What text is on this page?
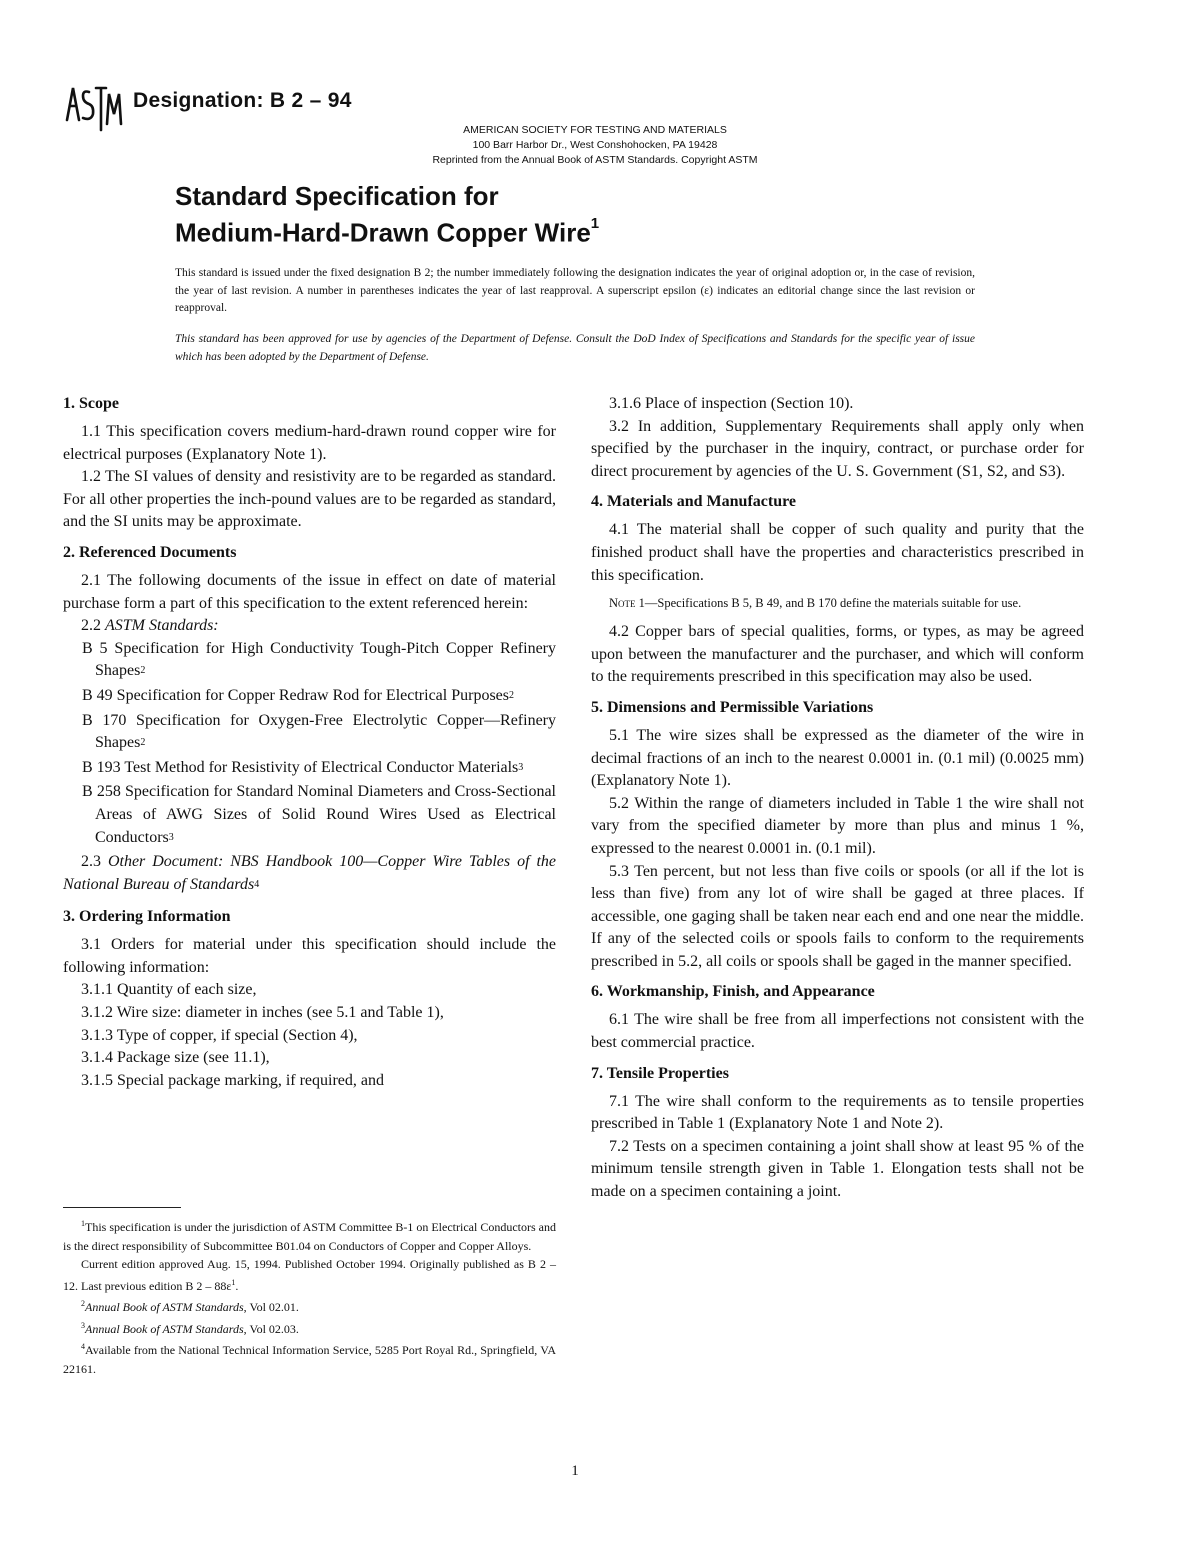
Designation: B 2 – 94
AMERICAN SOCIETY FOR TESTING AND MATERIALS
100 Barr Harbor Dr., West Conshohocken, PA 19428
Reprinted from the Annual Book of ASTM Standards. Copyright ASTM
Standard Specification for
Medium-Hard-Drawn Copper Wire$^1$
This standard is issued under the fixed designation B 2; the number immediately following the designation indicates the year of original adoption or, in the case of revision, the year of last revision. A number in parentheses indicates the year of last reapproval. A superscript epsilon (ε) indicates an editorial change since the last revision or reapproval.
This standard has been approved for use by agencies of the Department of Defense. Consult the DoD Index of Specifications and Standards for the specific year of issue which has been adopted by the Department of Defense.
1. Scope

1.1 This specification covers medium-hard-drawn round copper wire for electrical purposes (Explanatory Note 1).

1.2 The SI values of density and resistivity are to be regarded as standard. For all other properties the inch-pound values are to be regarded as standard, and the SI units may be approximate.

2. Referenced Documents

2.1 The following documents of the issue in effect on date of material purchase form a part of this specification to the extent referenced herein:

2.2 ASTM Standards:

B 5 Specification for High Conductivity Tough-Pitch Copper Refinery Shapes$^2$

B 49 Specification for Copper Redraw Rod for Electrical Purposes$^2$

B 170 Specification for Oxygen-Free Electrolytic Copper—Refinery Shapes$^2$

B 193 Test Method for Resistivity of Electrical Conductor Materials$^3$

B 258 Specification for Standard Nominal Diameters and Cross-Sectional Areas of AWG Sizes of Solid Round Wires Used as Electrical Conductors$^3$

2.3 Other Document: NBS Handbook 100—Copper Wire Tables of the National Bureau of Standards$^4$

3. Ordering Information

3.1 Orders for material under this specification should include the following information:

3.1.1 Quantity of each size,

3.1.2 Wire size: diameter in inches (see 5.1 and Table 1),

3.1.3 Type of copper, if special (Section 4),

3.1.4 Package size (see 11.1),

3.1.5 Special package marking, if required, and

3.1.6 Place of inspection (Section 10).

3.2 In addition, Supplementary Requirements shall apply only when specified by the purchaser in the inquiry, contract, or purchase order for direct procurement by agencies of the U. S. Government (S1, S2, and S3).

4. Materials and Manufacture

4.1 The material shall be copper of such quality and purity that the finished product shall have the properties and characteristics prescribed in this specification.

Note 1—Specifications B 5, B 49, and B 170 define the materials suitable for use.

4.2 Copper bars of special qualities, forms, or types, as may be agreed upon between the manufacturer and the purchaser, and which will conform to the requirements prescribed in this specification may also be used.

5. Dimensions and Permissible Variations

5.1 The wire sizes shall be expressed as the diameter of the wire in decimal fractions of an inch to the nearest 0.0001 in. (0.1 mil) (0.0025 mm) (Explanatory Note 1).

5.2 Within the range of diameters included in Table 1 the wire shall not vary from the specified diameter by more than plus and minus 1 %, expressed to the nearest 0.0001 in. (0.1 mil).

5.3 Ten percent, but not less than five coils or spools (or all if the lot is less than five) from any lot of wire shall be gaged at three places. If accessible, one gaging shall be taken near each end and one near the middle. If any of the selected coils or spools fails to conform to the requirements prescribed in 5.2, all coils or spools shall be gaged in the manner specified.

6. Workmanship, Finish, and Appearance

6.1 The wire shall be free from all imperfections not consistent with the best commercial practice.

7. Tensile Properties

7.1 The wire shall conform to the requirements as to tensile properties prescribed in Table 1 (Explanatory Note 1 and Note 2).

7.2 Tests on a specimen containing a joint shall show at least 95 % of the minimum tensile strength given in Table 1. Elongation tests shall not be made on a specimen containing a joint.

$^1$This specification is under the jurisdiction of ASTM Committee B-1 on Electrical Conductors and is the direct responsibility of Subcommittee B01.04 on Conductors of Copper and Copper Alloys.

Current edition approved Aug. 15, 1994. Published October 1994. Originally published as B 2 – 12. Last previous edition B $2 - 88\varepsilon^1$.

$^2$Annual Book of ASTM Standards, Vol 02.01.

$^3$Annual Book of ASTM Standards, Vol 02.03.

$^4$Available from the National Technical Information Service, 5285 Port Royal Rd., Springfield, VA 22161.

1
